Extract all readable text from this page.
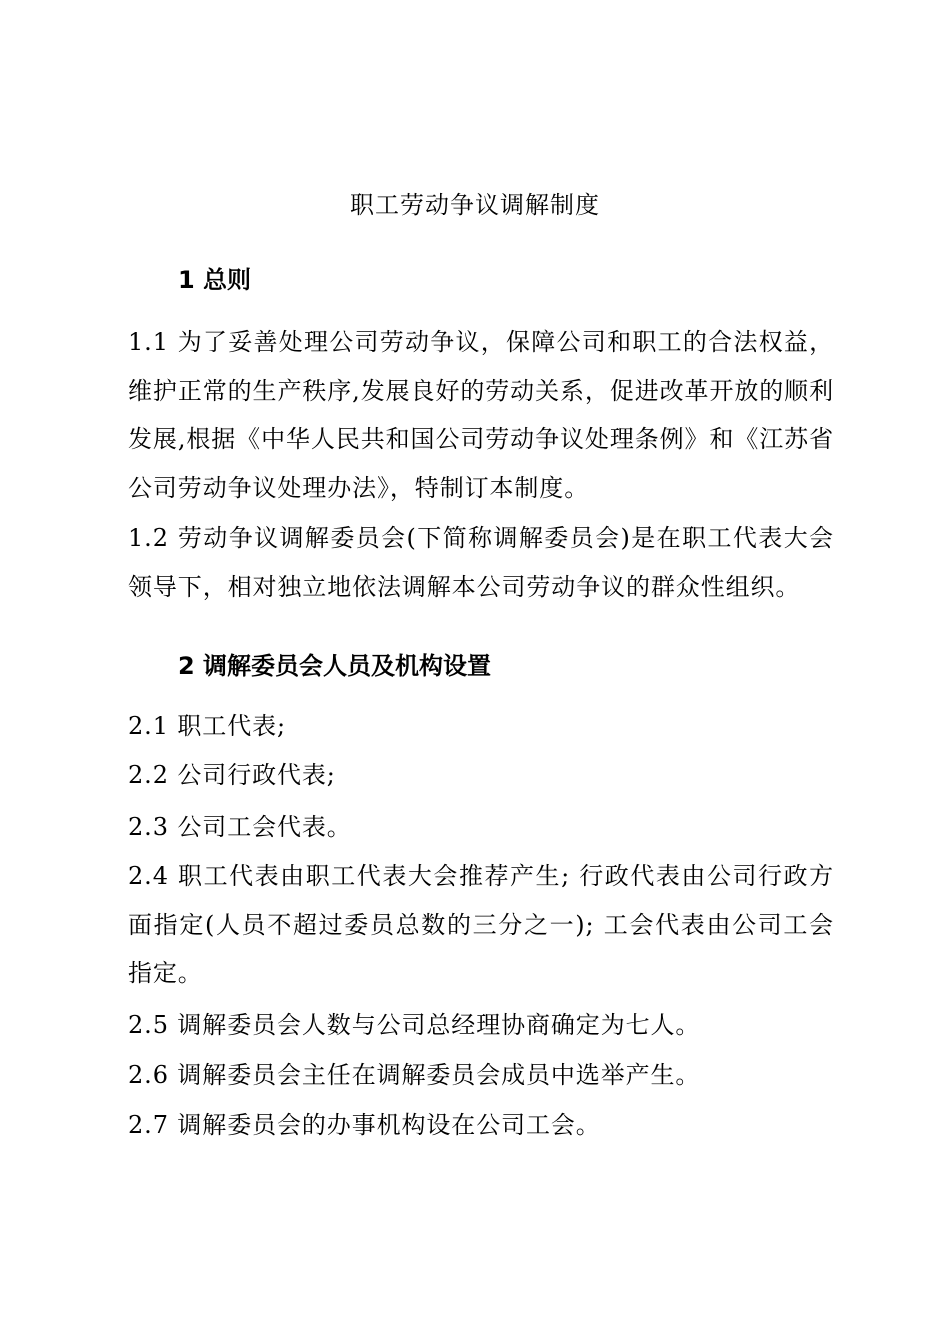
职工劳动争议调解制度
1 总则
1.1 为了妥善处理公司劳动争议，保障公司和职工的合法权益，维护正常的生产秩序,发展良好的劳动关系，促进改革开放的顺利发展,根据《中华人民共和国公司劳动争议处理条例》和《江苏省公司劳动争议处理办法》，特制订本制度。
1.2 劳动争议调解委员会(下简称调解委员会)是在职工代表大会领导下，相对独立地依法调解本公司劳动争议的群众性组织。
2 调解委员会人员及机构设置
2.1 职工代表;
2.2 公司行政代表;
2.3 公司工会代表。
2.4 职工代表由职工代表大会推荐产生; 行政代表由公司行政方面指定(人员不超过委员总数的三分之一); 工会代表由公司工会指定。
2.5 调解委员会人数与公司总经理协商确定为七人。
2.6 调解委员会主任在调解委员会成员中选举产生。
2.7 调解委员会的办事机构设在公司工会。
